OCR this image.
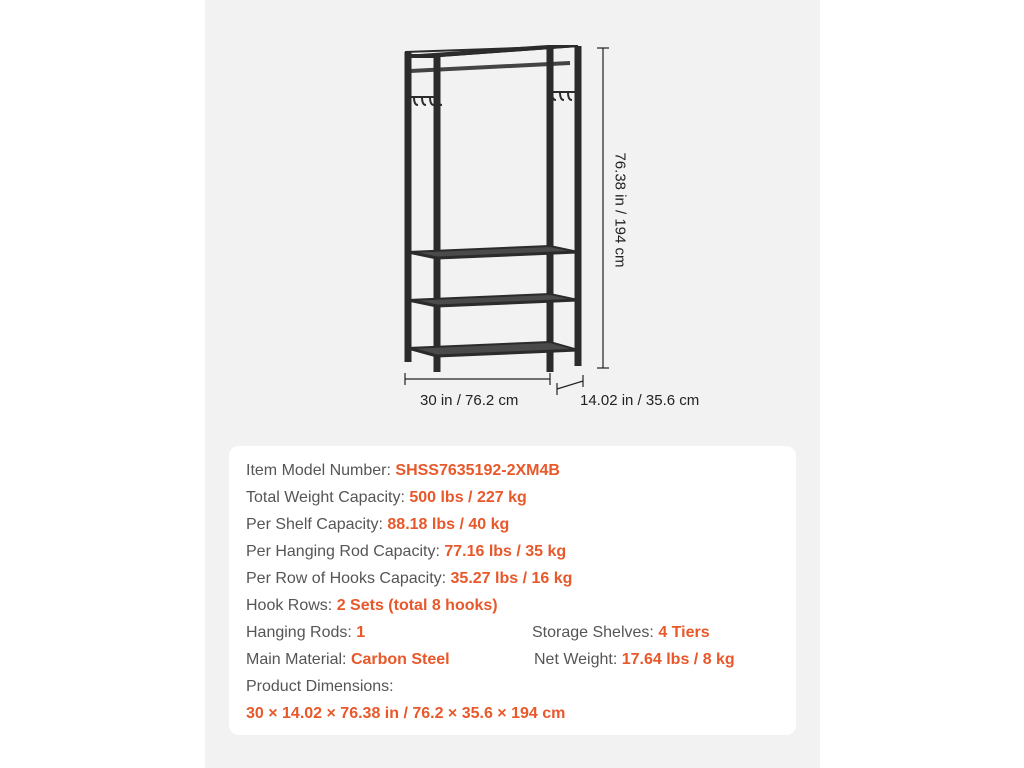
30 in / 76.2 cm	14.02 in / 35.6 cm
76.38 in / 194 cm
Item Model Number: SHSS7635192-2XM4B
Total Weight Capacity: 500 lbs / 227 kg
Per Shelf Capacity: 88.18 lbs / 40 kg
Per Hanging Rod Capacity: 77.16 lbs / 35 kg
Per Row of Hooks Capacity: 35.27 lbs / 16 kg
Hook Rows: 2 Sets (total 8 hooks)
Hanging Rods: 1	Storage Shelves: 4 Tiers
Main Material: Carbon Steel	Net Weight: 17.64 lbs / 8 kg
Product Dimensions:
30 × 14.02 × 76.38 in / 76.2 × 35.6 × 194 cm
